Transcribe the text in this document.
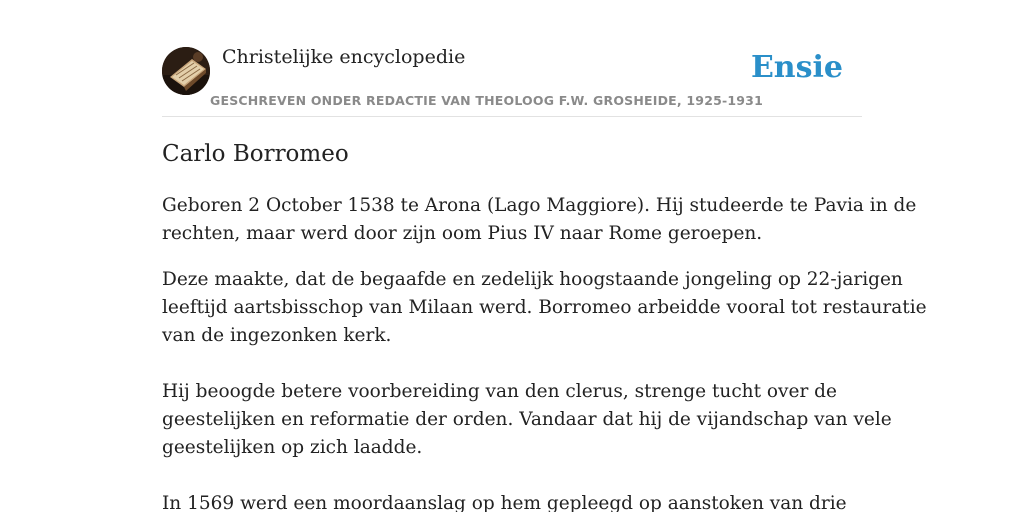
Christelijke encyclopedie
GESCHREVEN ONDER REDACTIE VAN THEOLOOG F.W. GROSHEIDE, 1925-1931
Ensie
Carlo Borromeo

Geboren 2 October 1538 te Arona (Lago Maggiore). Hij studeerde te Pavia in de
rechten, maar werd door zijn oom Pius IV naar Rome geroepen.

Deze maakte, dat de begaafde en zedelijk hoogstaande jongeling op 22-jarigen
leeftijd aartsbisschop van Milaan werd. Borromeo arbeidde vooral tot restauratie
van de ingezonken kerk.
Hij beoogde betere voorbereiding van den clerus, strenge tucht over de
geestelijken en reformatie der orden. Vandaar dat hij de vijandschap van vele
geestelijken op zich laadde.
In 1569 werd een moordaanslag op hem gepleegd op aanstoken van drie
